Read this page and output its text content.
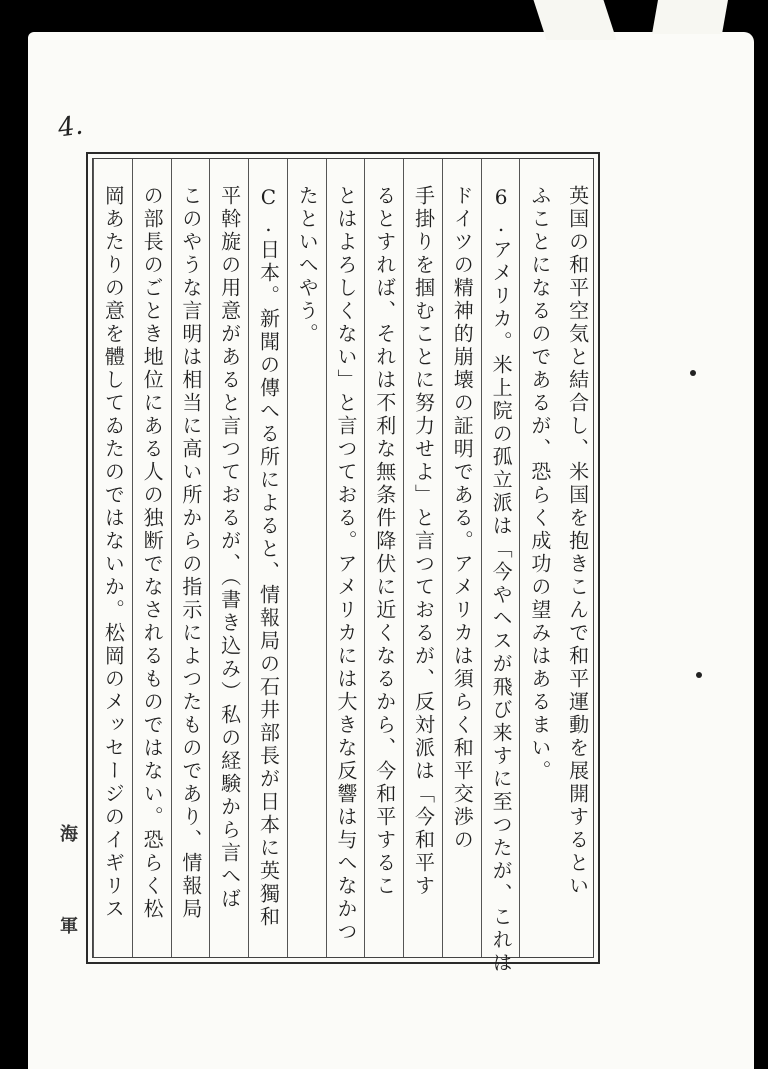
4.
海
軍
英国の和平空気と結合し、米国を抱きこんで和平運動を展開するとい
ふことになるのであるが、恐らく成功の望みはあるまい。
6.アメリカ。米上院の孤立派は「今やヘスが飛び来すに至つたが、これは
ドイツの精神的崩壊の証明である。アメリカは須らく和平交渉の
手掛りを掴むことに努力せよ」と言つておるが、反対派は「今和平す
るとすれば、それは不利な無条件降伏に近くなるから、今和平するこ
とはよろしくない」と言つておる。アメリカには大きな反響は与へなかつ
たといへやう。
C.日本。新聞の傳へる所によると、情報局の石井部長が日本に英獨和
平斡旋の用意があると言つておるが、（書き込み）私の経験から言へば
このやうな言明は相当に高い所からの指示によつたものであり、情報局
の部長のごとき地位にある人の独断でなされるものではない。恐らく松
岡あたりの意を體してゐたのではないか。松岡のメッセージのイギリス
